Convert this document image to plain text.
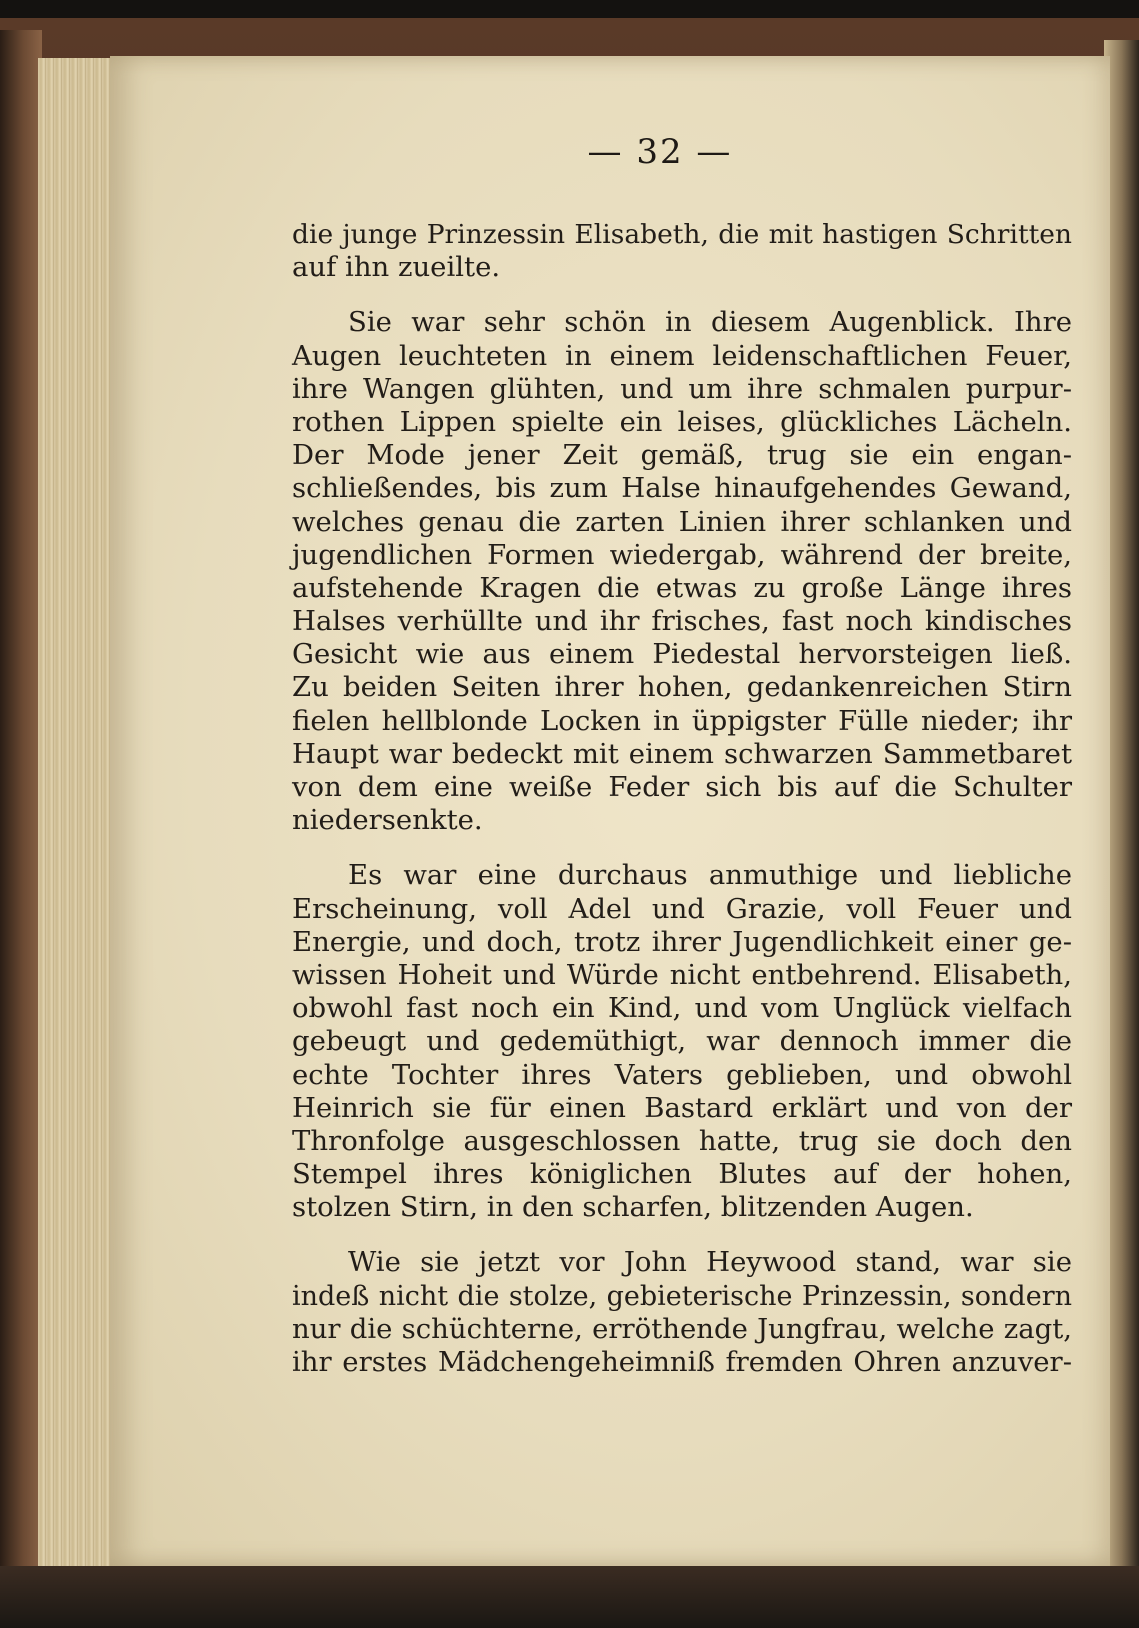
— 32 —
die junge Prinzessin Elisabeth, die mit hastigen Schritten
auf ihn zueilte.
Sie war sehr schön in diesem Augenblick. Ihre
Augen leuchteten in einem leidenschaftlichen Feuer,
ihre Wangen glühten, und um ihre schmalen purpur-
rothen Lippen spielte ein leises, glückliches Lächeln.
Der Mode jener Zeit gemäß, trug sie ein engan-
schließendes, bis zum Halse hinaufgehendes Gewand,
welches genau die zarten Linien ihrer schlanken und
jugendlichen Formen wiedergab, während der breite,
aufstehende Kragen die etwas zu große Länge ihres
Halses verhüllte und ihr frisches, fast noch kindisches
Gesicht wie aus einem Piedestal hervorsteigen ließ.
Zu beiden Seiten ihrer hohen, gedankenreichen Stirn
fielen hellblonde Locken in üppigster Fülle nieder; ihr
Haupt war bedeckt mit einem schwarzen Sammetbaret
von dem eine weiße Feder sich bis auf die Schulter
niedersenkte.
Es war eine durchaus anmuthige und liebliche
Erscheinung, voll Adel und Grazie, voll Feuer und
Energie, und doch, trotz ihrer Jugendlichkeit einer ge-
wissen Hoheit und Würde nicht entbehrend. Elisabeth,
obwohl fast noch ein Kind, und vom Unglück vielfach
gebeugt und gedemüthigt, war dennoch immer die
echte Tochter ihres Vaters geblieben, und obwohl
Heinrich sie für einen Bastard erklärt und von der
Thronfolge ausgeschlossen hatte, trug sie doch den
Stempel ihres königlichen Blutes auf der hohen,
stolzen Stirn, in den scharfen, blitzenden Augen.
Wie sie jetzt vor John Heywood stand, war sie
indeß nicht die stolze, gebieterische Prinzessin, sondern
nur die schüchterne, erröthende Jungfrau, welche zagt,
ihr erstes Mädchengeheimniß fremden Ohren anzuver-
